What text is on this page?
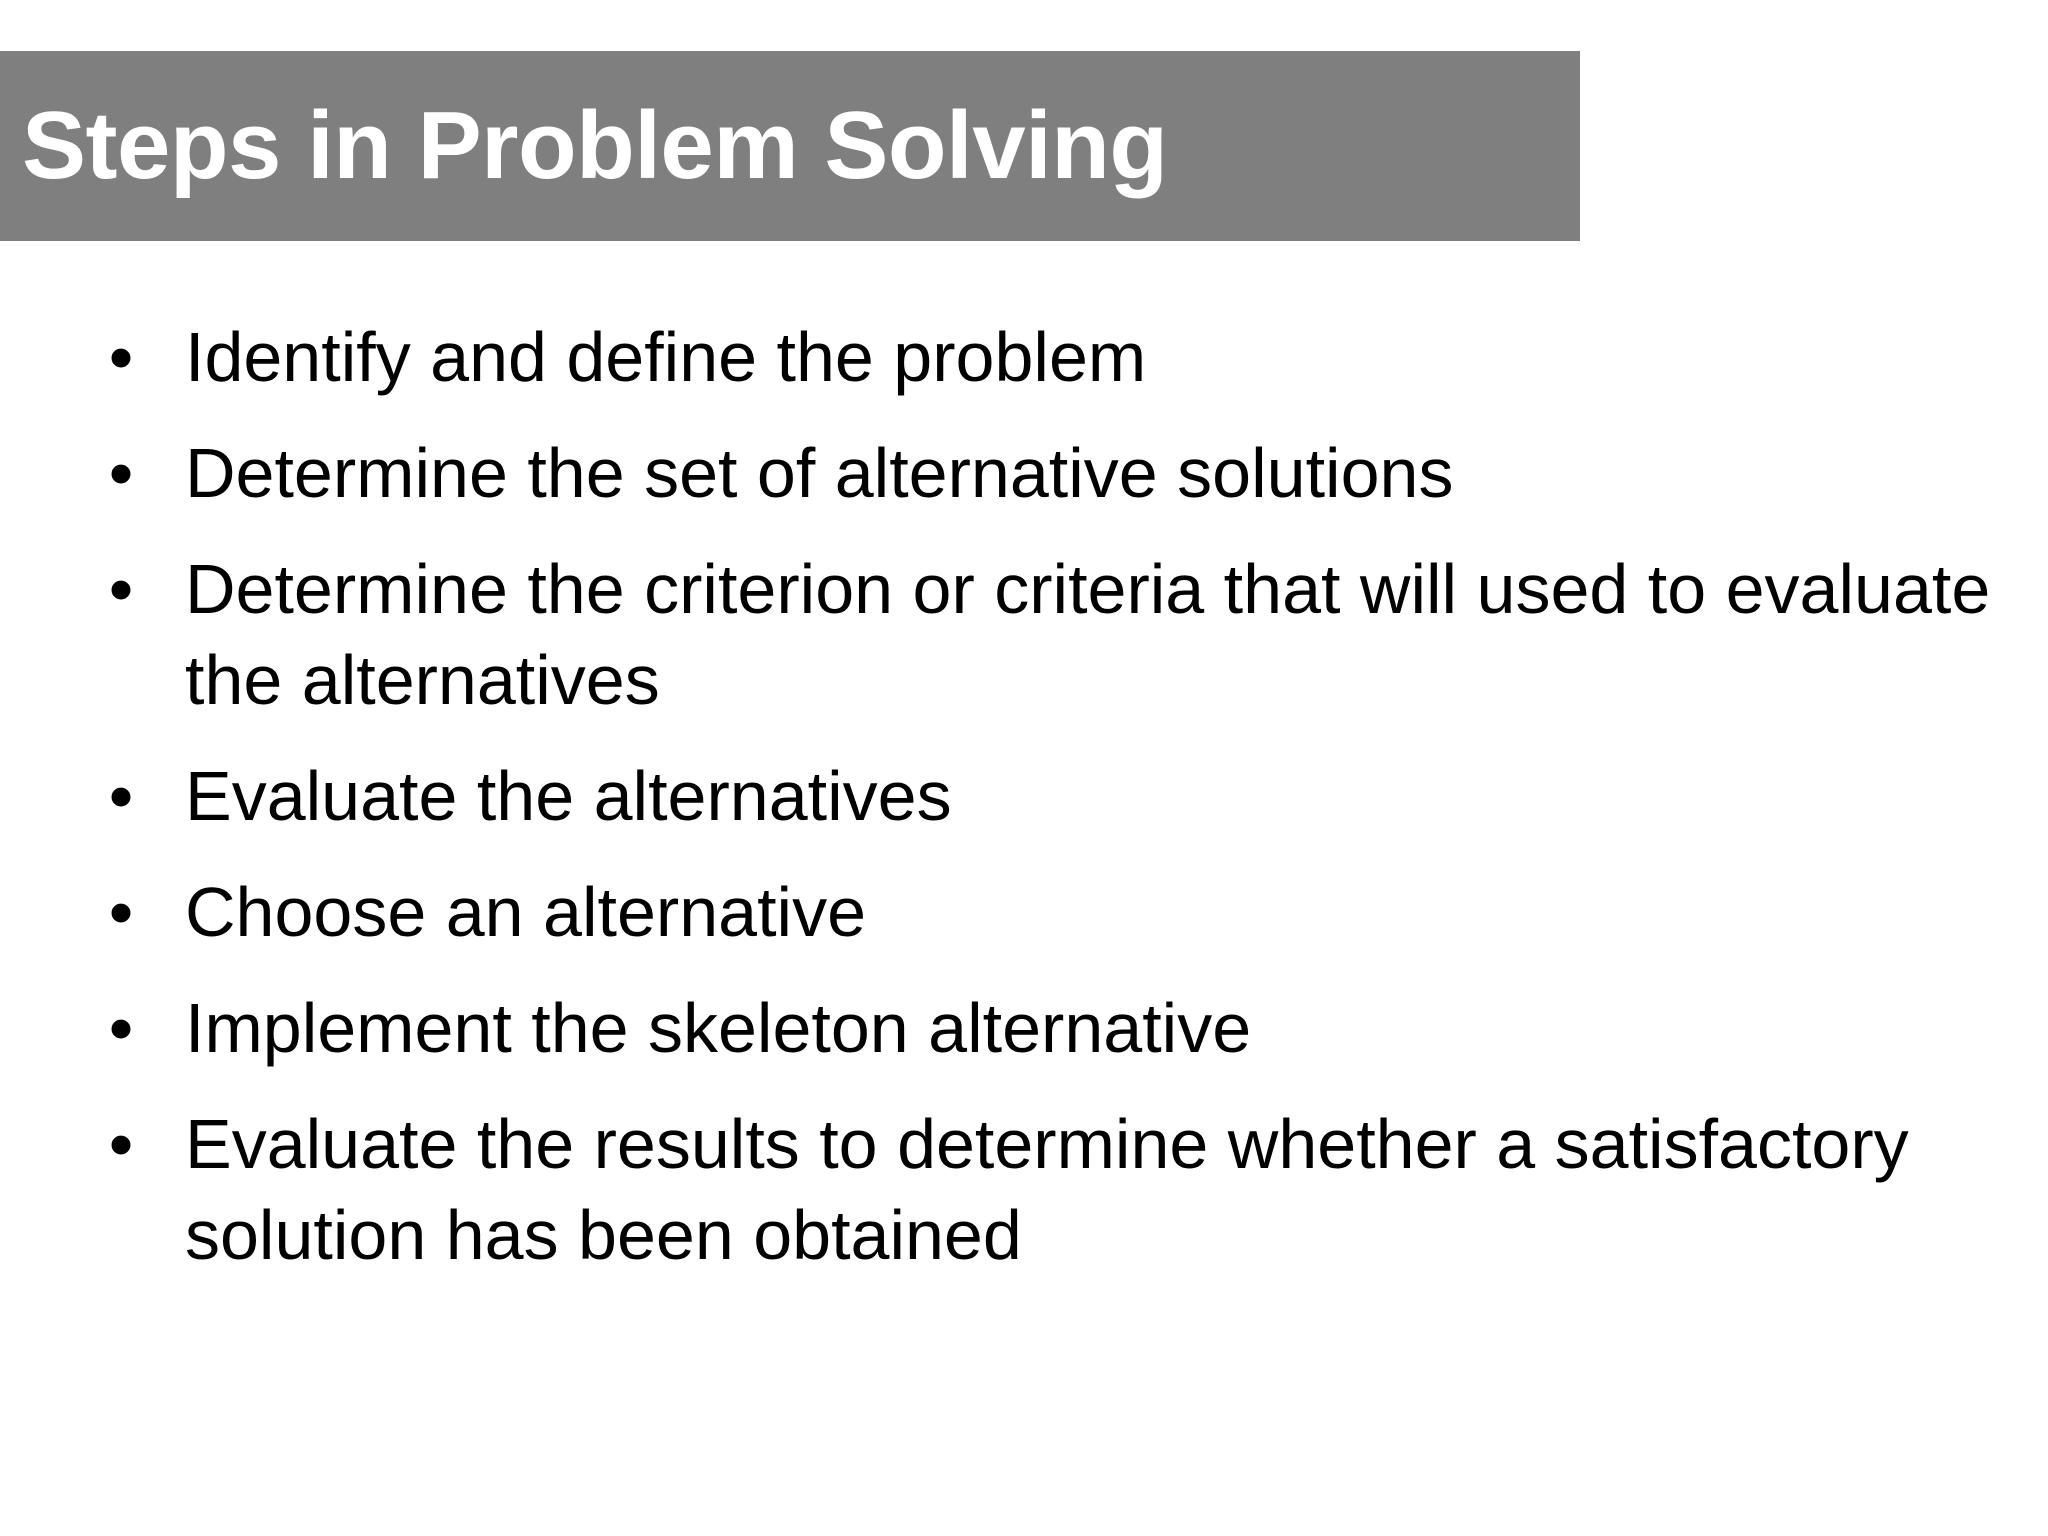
Steps in Problem Solving
• Identify and define the problem
• Determine the set of alternative solutions
• Determine the criterion or criteria that will used to evaluate the alternatives
• Evaluate the alternatives
• Choose an alternative
• Implement the skeleton alternative
• Evaluate the results to determine whether a satisfactory solution has been obtained
